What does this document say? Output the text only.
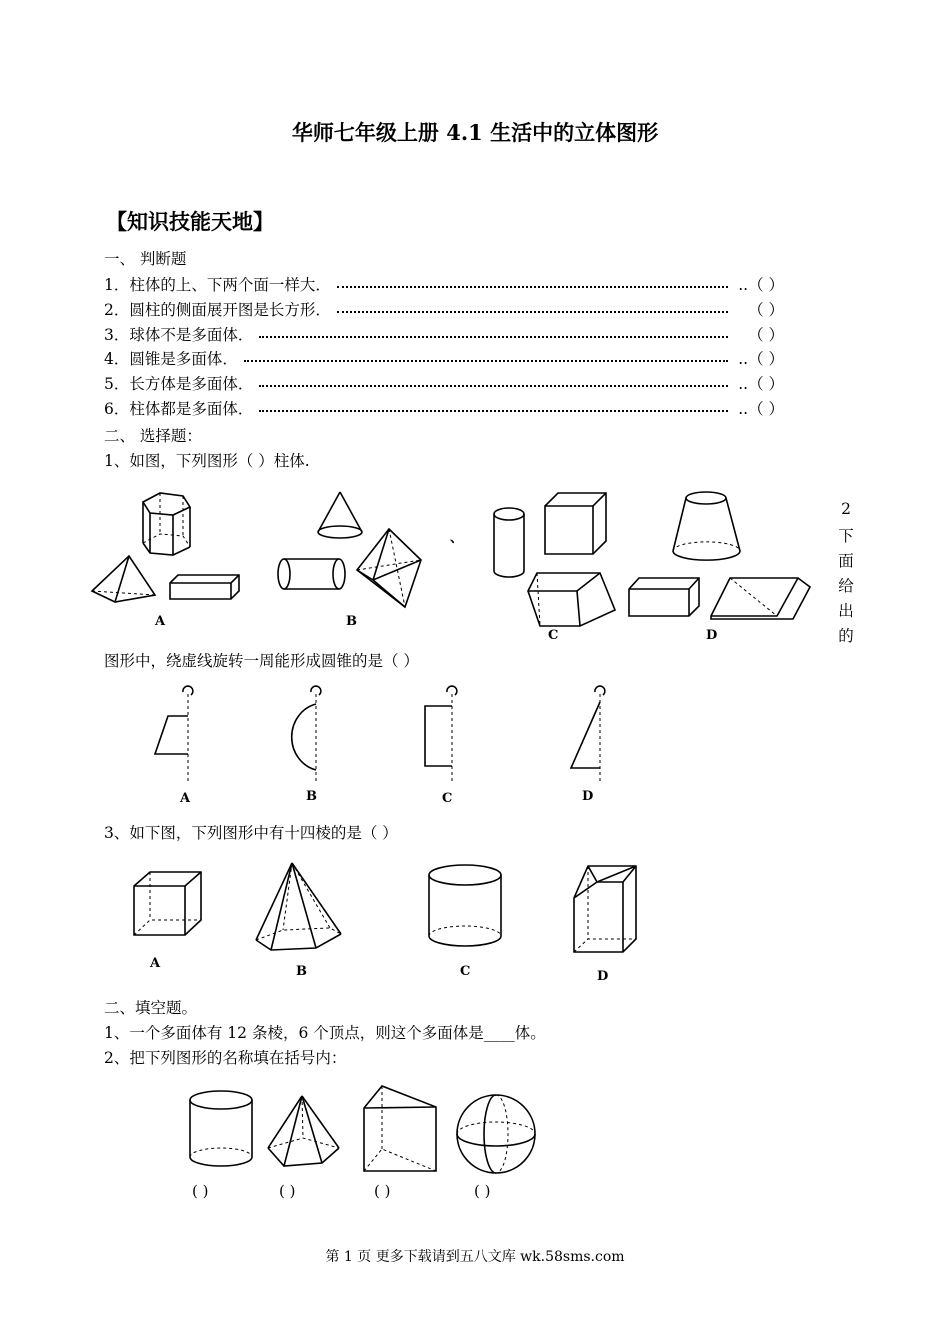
华师七年级上册 4.1 生活中的立体图形
【知识技能天地】
一、 判断题
1．柱体的上、下两个面一样大．	..（ ）
2．圆柱的侧面展开图是长方形．	（ ）
3．球体不是多面体．	（ ）
4．圆锥是多面体．	..（ ）
5．长方体是多面体．	..（ ）
6．柱体都是多面体．	..（ ）
二、 选择题：
1、如图，下列图形（ ）柱体.
A	B
、
C	D
2
下
面
给
出
的
图形中，绕虚线旋转一周能形成圆锥的是（ ）
A	B	C	D
3、如下图，下列图形中有十四棱的是（ ）
A
B	C	D
二、填空题。
1、一个多面体有 12 条棱，6 个顶点，则这个多面体是____体。
2、把下列图形的名称填在括号内：
( )	( )	( )	( )
第 1 页 更多下载请到五八文库 wk.58sms.com
